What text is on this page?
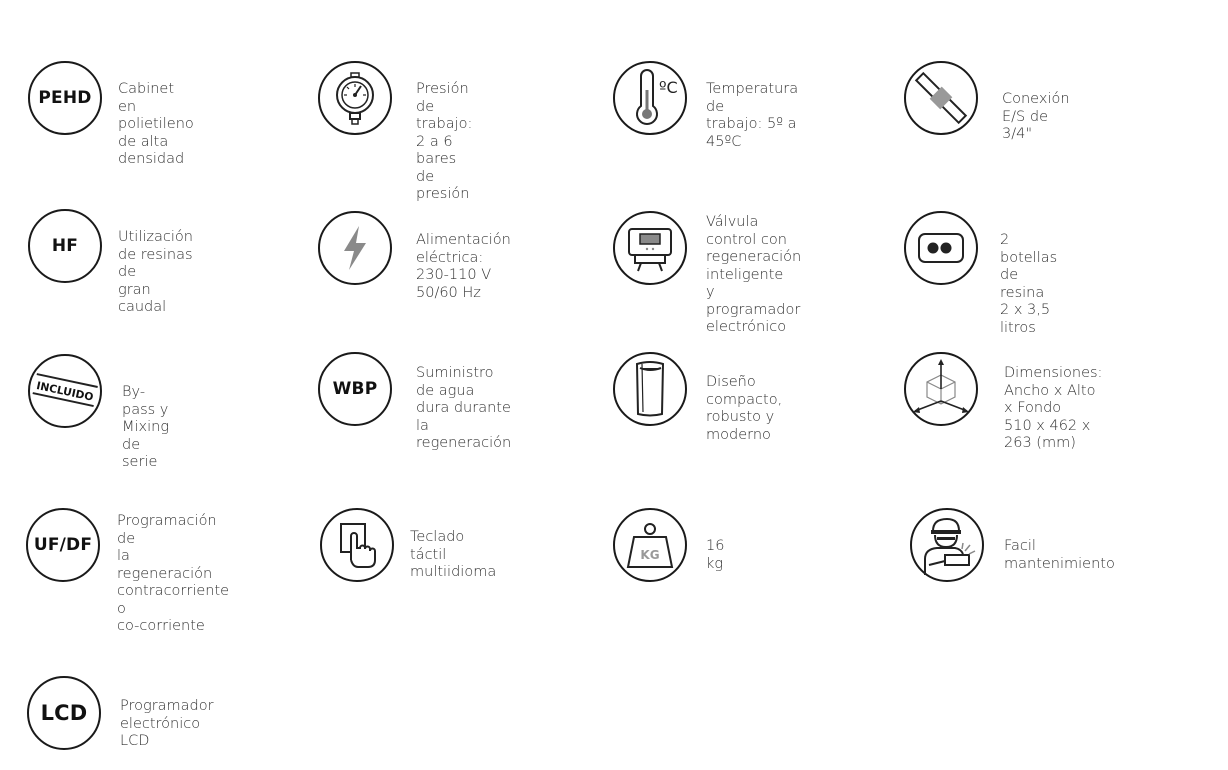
PEHD Cabinet en polietileno
de alta densidad
Presión de trabajo:
2 a 6 bares de presión
ºC Temperatura de
trabajo: 5º a 45ºC
Conexión E/S de 3/4"
HF	Utilización de resinas de
gran caudal
Alimentación eléctrica:
230-110 V 50/60 Hz
Válvula control con
regeneración inteligente
y programador
electrónico
2 botellas de resina
2 x 3,5 litros
INCLUIDO By-pass y Mixing de serie
WBP
Suministro de agua
dura durante la
regeneración
Diseño compacto,
robusto y moderno
Dimensiones:
Ancho x Alto x Fondo
510 x 462 x 263 (mm)
UF/DF
Programación de
la regeneración
contracorriente o
co-corriente
Teclado táctil
multiidioma
KG
16 kg
Facil mantenimiento
LCD Programador
electrónico LCD
